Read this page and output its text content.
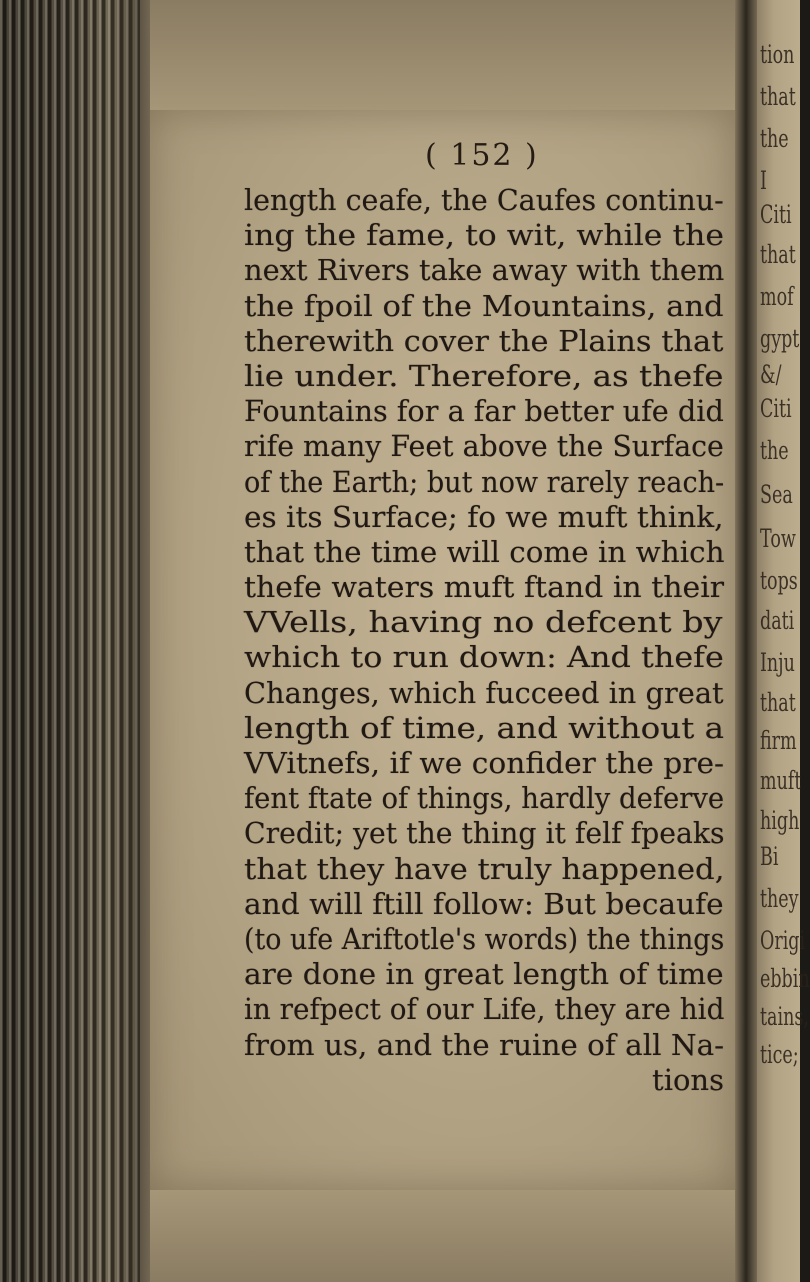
( 152 )
length ceafe, the Caufes continu-
ing the fame, to wit, while the
next Rivers take away with them
the fpoil of the Mountains, and
therewith cover the Plains that
lie under. Therefore, as thefe
Fountains for a far better ufe did
rife many Feet above the Surface
of the Earth; but now rarely reach-
es its Surface; fo we muft think,
that the time will come in which
thefe waters muft ftand in their
VVells, having no defcent by
which to run down: And thefe
Changes, which fucceed in great
length of time, and without a
VVitnefs, if we confider the pre-
fent ftate of things, hardly deferve
Credit; yet the thing it felf fpeaks
that they have truly happened,
and will ftill follow: But becaufe
(to ufe Ariftotle's words) the things
are done in great length of time
in refpect of our Life, they are hid
from us, and the ruine of all Na-
tions
tion
that
the
I
Citi
that
mof
gypt
&/
Citi
the
Sea
Tow
tops
dati
Inju
that
firm
muft
high
Bi
they
Origi
ebbin
tains,
tice;
